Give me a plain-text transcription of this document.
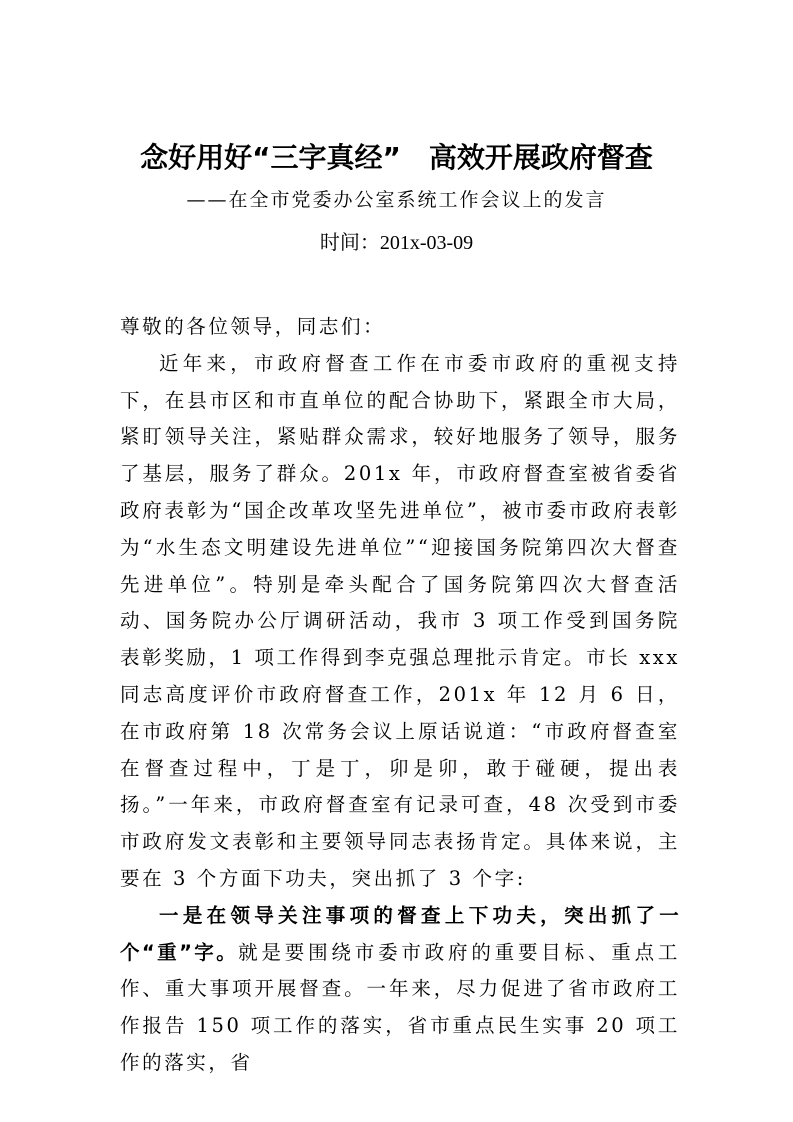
念好用好“三字真经”　高效开展政府督查
——在全市党委办公室系统工作会议上的发言
时间：201x-03-09

尊敬的各位领导，同志们：

近年来，市政府督查工作在市委市政府的重视支持下，在县市区和市直单位的配合协助下，紧跟全市大局，紧盯领导关注，紧贴群众需求，较好地服务了领导，服务了基层，服务了群众。201x 年，市政府督查室被省委省政府表彰为“国企改革攻坚先进单位”，被市委市政府表彰为“水生态文明建设先进单位”“迎接国务院第四次大督查先进单位”。特别是牵头配合了国务院第四次大督查活动、国务院办公厅调研活动，我市 3 项工作受到国务院表彰奖励，1 项工作得到李克强总理批示肯定。市长 xxx 同志高度评价市政府督查工作，201x 年 12 月 6 日，在市政府第 18 次常务会议上原话说道：“市政府督查室在督查过程中，丁是丁，卯是卯，敢于碰硬，提出表扬。”一年来，市政府督查室有记录可查，48 次受到市委市政府发文表彰和主要领导同志表扬肯定。具体来说，主要在 3 个方面下功夫，突出抓了 3 个字:

一是在领导关注事项的督查上下功夫，突出抓了一个“重”字。就是要围绕市委市政府的重要目标、重点工作、重大事项开展督查。一年来，尽力促进了省市政府工作报告 150 项工作的落实，省市重点民生实事 20 项工作的落实，省
